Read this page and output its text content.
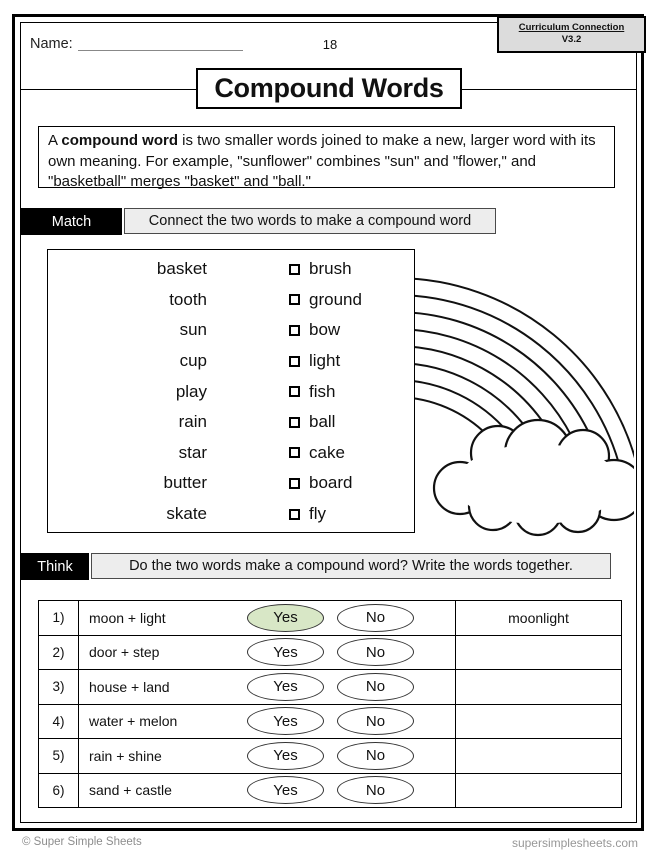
Name:	18
Curriculum Connection
V3.2
Compound Words
A compound word is two smaller words joined to make a new, larger word with its own meaning. For example, "sunflower" combines "sun" and "flower," and "basketball" merges "basket" and "ball."
Match	Connect the two words to make a compound word
basket	brush
tooth	ground
sun	bow
cup	light
play	fish
rain	ball
star	cake
butter	board
skate	fly
Think	Do the two words make a compound word? Write the words together.
1)	moon + light	Yes	No	moonlight
2)	door + step	Yes	No
3)	house + land	Yes	No
4)	water + melon	Yes	No
5)	rain + shine	Yes	No
6)	sand + castle	Yes	No
© Super Simple Sheets	supersimplesheets.com
